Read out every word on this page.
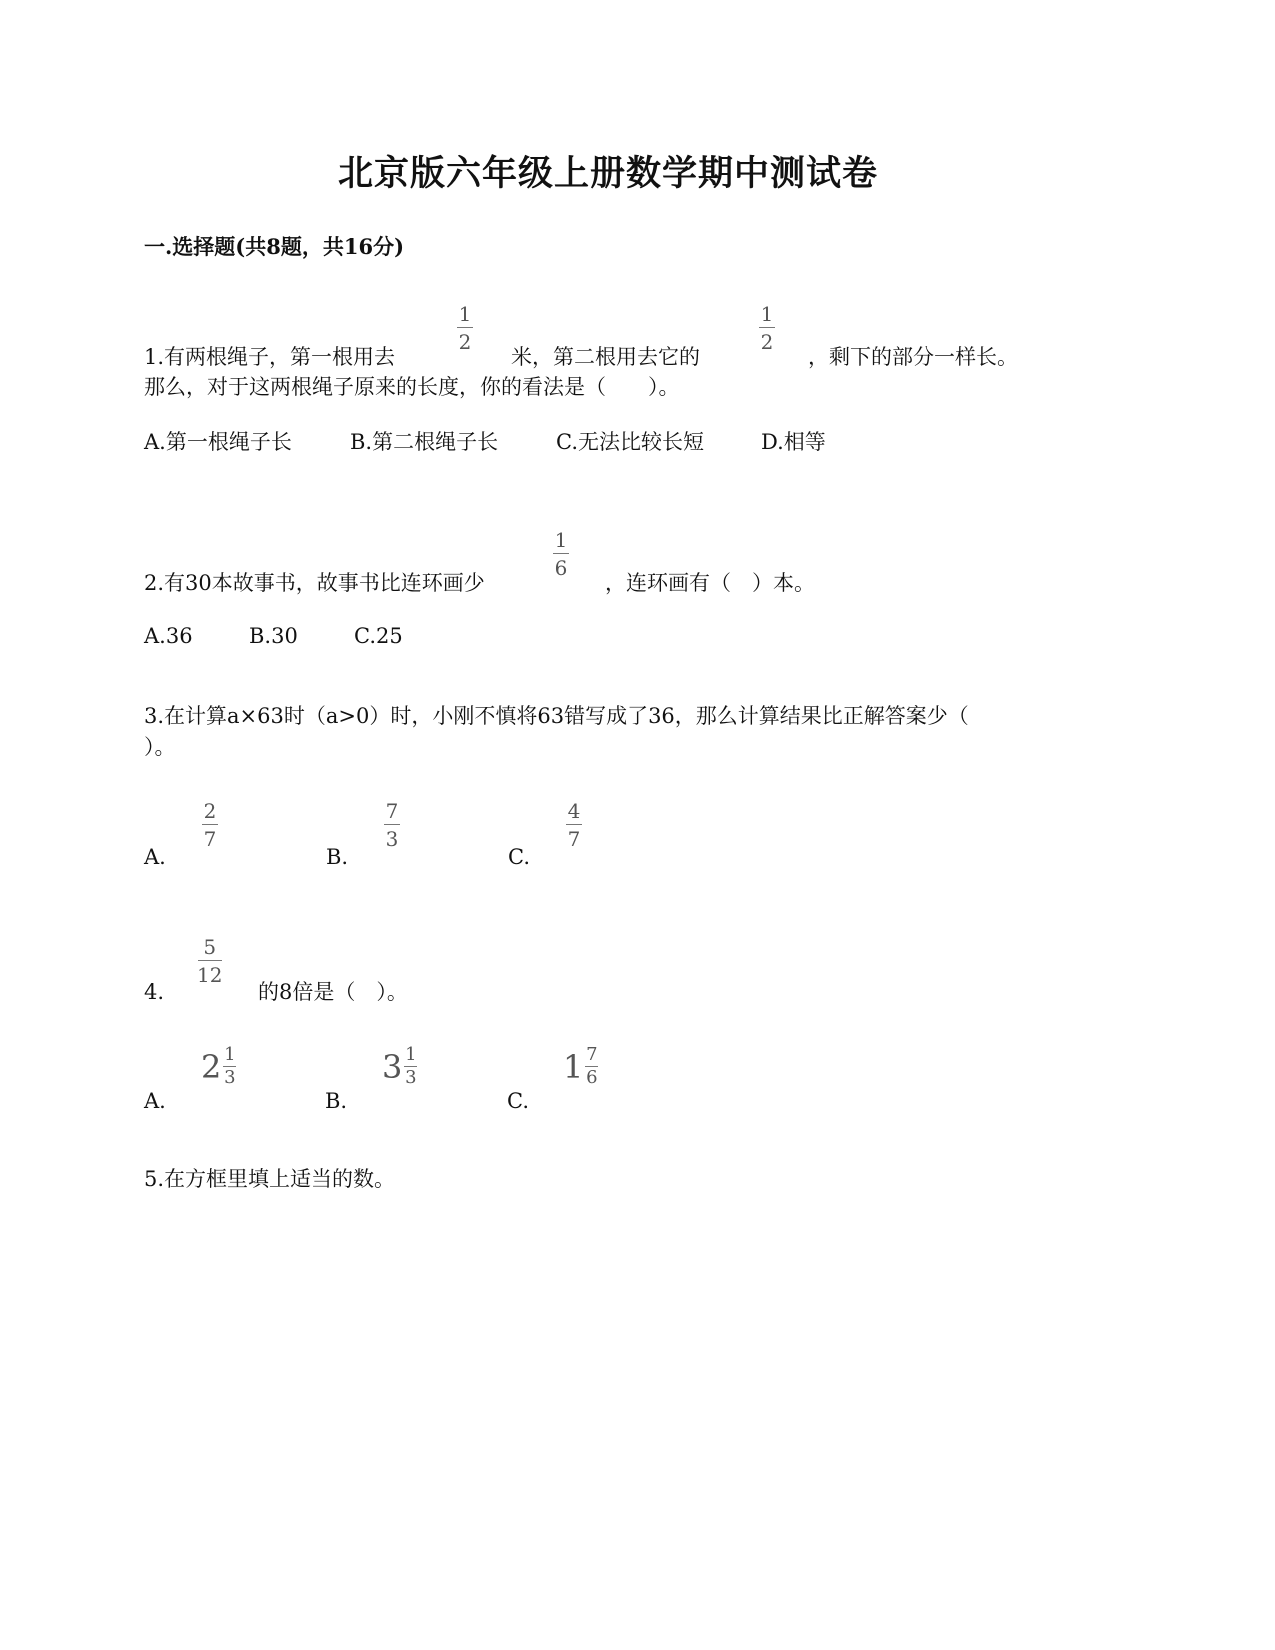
北京版六年级上册数学期中测试卷
一.选择题(共8题，共16分)
1.有两根绳子，第一根用去
1
2
米，第二根用去它的
1
2
，剩下的部分一样长。
那么，对于这两根绳子原来的长度，你的看法是（　　）。
A.第一根绳子长	B.第二根绳子长	C.无法比较长短	D.相等
2.有30本故事书，故事书比连环画少
1
6
，连环画有（　）本。
A.36	B.30	C.25
3.在计算a×63时（a>0）时，小刚不慎将63错写成了36，那么计算结果比正解答案少（
）。
A.
2
7
B.
7
3
C.
4
7
4.
5
12
的8倍是（　）。
A.
2 1
3
B.
3 1
3
C.
1 7
6
5.在方框里填上适当的数。
